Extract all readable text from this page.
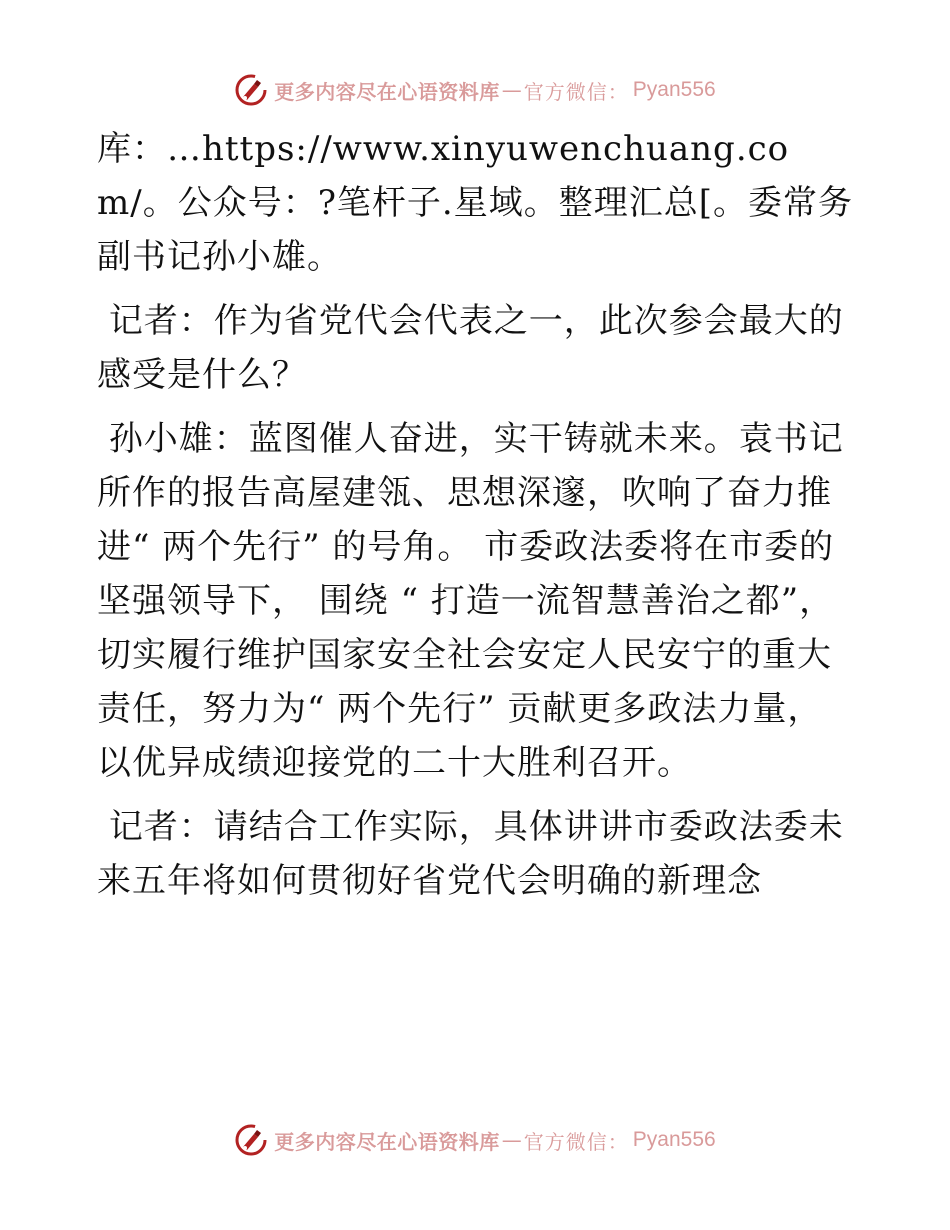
更多内容尽在心语资料库 — 官方微信： Pyan556

库：…https://www.xinyuwenchuang.com/。公众号：?笔杆子.星域。整理汇总[。委常务副书记孙小雄。

记者：作为省党代会代表之一，此次参会最大的感受是什么？

孙小雄：蓝图催人奋进，实干铸就未来。袁书记所作的报告高屋建瓴、思想深邃，吹响了奋力推进“ 两个先行” 的号角。 市委政法委将在市委的坚强领导下， 围绕 “ 打造一流智慧善治之都”，切实履行维护国家安全社会安定人民安宁的重大责任，努力为“ 两个先行” 贡献更多政法力量，以优异成绩迎接党的二十大胜利召开。

记者：请结合工作实际，具体讲讲市委政法委未来五年将如何贯彻好省党代会明确的新理念

更多内容尽在心语资料库 — 官方微信： Pyan556
